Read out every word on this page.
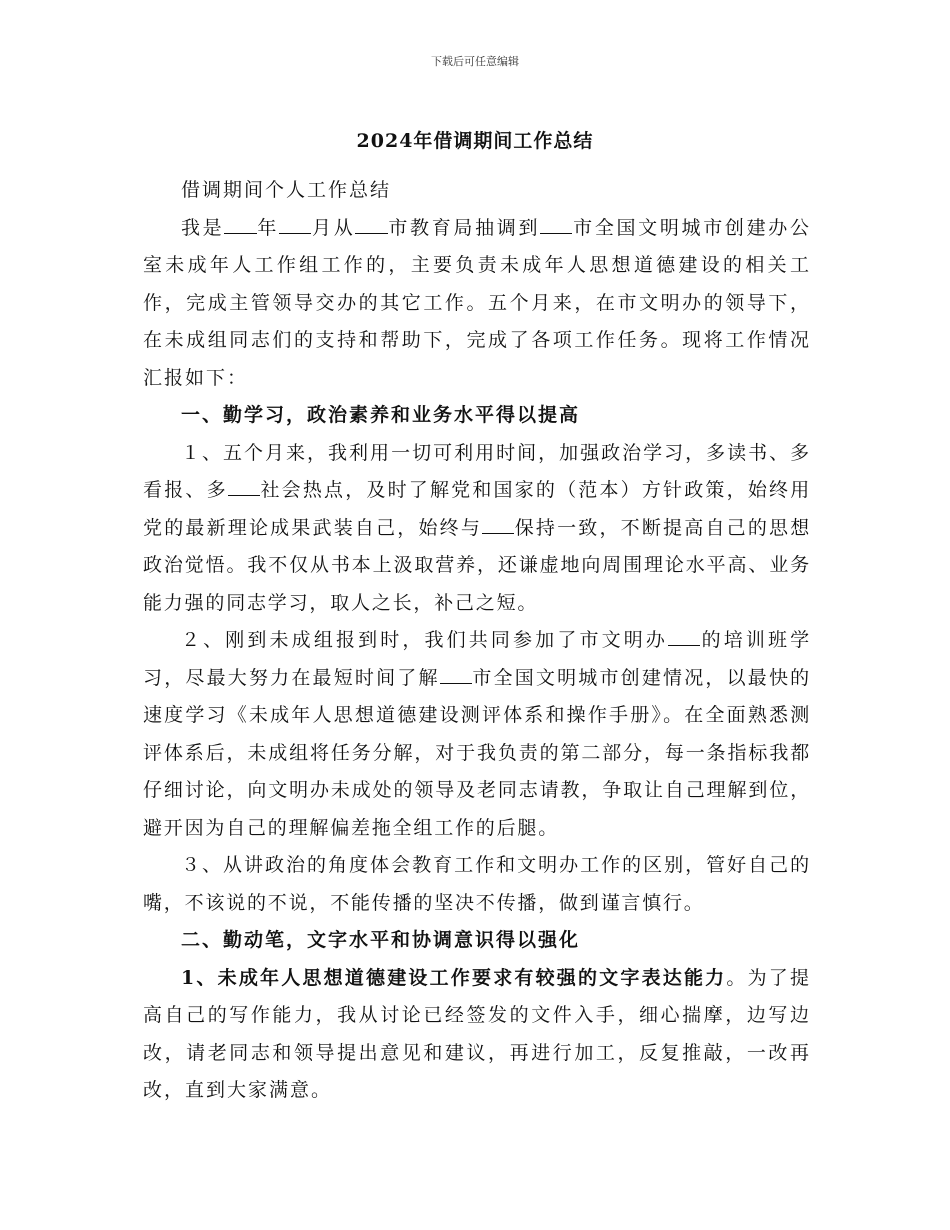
下载后可任意编辑
2024年借调期间工作总结

借调期间个人工作总结

我是 年 月从 市教育局抽调到 市全国文明城市创建办公室未成年人工作组工作的，主要负责未成年人思想道德建设的相关工作，完成主管领导交办的其它工作。五个月来，在市文明办的领导下，在未成组同志们的支持和帮助下，完成了各项工作任务。现将工作情况汇报如下：

一、勤学习，政治素养和业务水平得以提高

１、五个月来，我利用一切可利用时间，加强政治学习，多读书、多看报、多 社会热点，及时了解党和国家的（范本）方针政策，始终用党的最新理论成果武装自己，始终与 保持一致，不断提高自己的思想政治觉悟。我不仅从书本上汲取营养，还谦虚地向周围理论水平高、业务能力强的同志学习，取人之长，补己之短。

２、刚到未成组报到时，我们共同参加了市文明办 的培训班学习，尽最大努力在最短时间了解 市全国文明城市创建情况，以最快的速度学习《未成年人思想道德建设测评体系和操作手册》。在全面熟悉测评体系后，未成组将任务分解，对于我负责的第二部分，每一条指标我都仔细讨论，向文明办未成处的领导及老同志请教，争取让自己理解到位，避开因为自己的理解偏差拖全组工作的后腿。

３、从讲政治的角度体会教育工作和文明办工作的区别，管好自己的嘴，不该说的不说，不能传播的坚决不传播，做到谨言慎行。

二、勤动笔，文字水平和协调意识得以强化

1、未成年人思想道德建设工作要求有较强的文字表达能力。为了提高自己的写作能力，我从讨论已经签发的文件入手，细心揣摩，边写边改，请老同志和领导提出意见和建议，再进行加工，反复推敲，一改再改，直到大家满意。
